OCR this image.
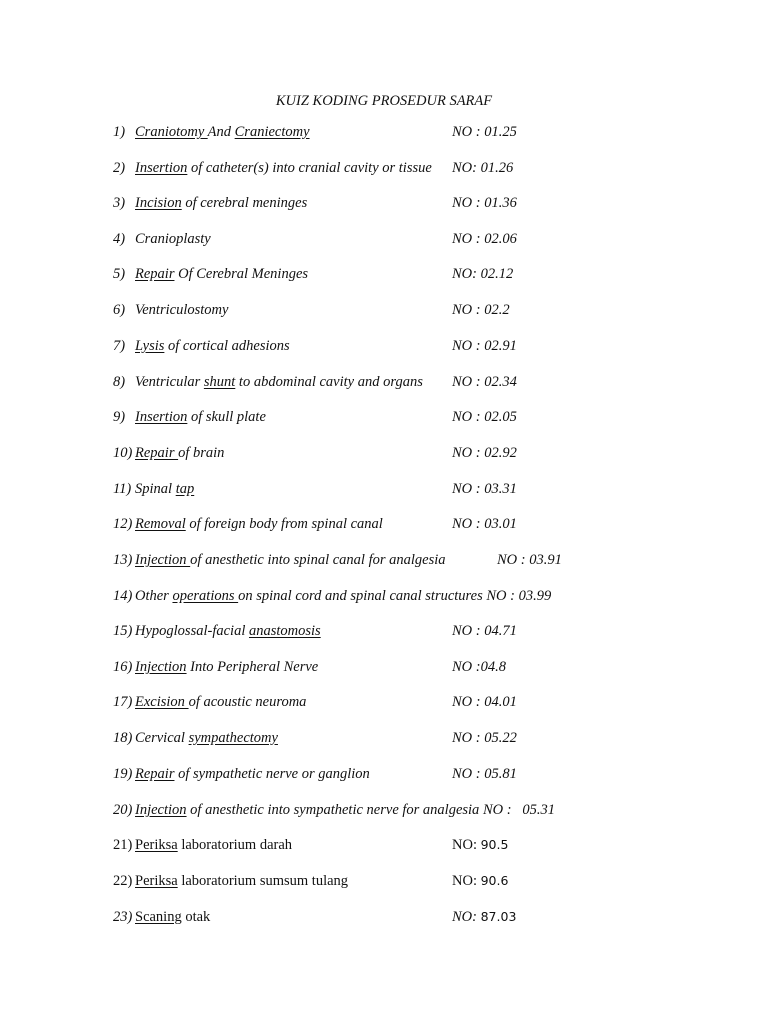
KUIZ KODING PROSEDUR SARAF
1) Craniotomy And Craniectomy	NO : 01.25
2) Insertion of catheter(s) into cranial cavity or tissue NO: 01.26
3) Incision of cerebral meninges	NO : 01.36
4) Cranioplasty	NO : 02.06
5) Repair Of Cerebral Meninges	NO: 02.12
6) Ventriculostomy	NO : 02.2
7) Lysis of cortical adhesions	NO : 02.91
8) Ventricular shunt to abdominal cavity and organs NO : 02.34
9) Insertion of skull plate	NO : 02.05
10) Repair of brain	NO : 02.92
11) Spinal tap	NO : 03.31
12) Removal of foreign body from spinal canal	NO : 03.01
13) Injection of anesthetic into spinal canal for analgesia	NO : 03.91
14) Other operations on spinal cord and spinal canal structures NO : 03.99
15) Hypoglossal-facial anastomosis	NO : 04.71
16) Injection Into Peripheral Nerve	NO :04.8
17) Excision of acoustic neuroma	NO : 04.01
18) Cervical sympathectomy	NO : 05.22
19) Repair of sympathetic nerve or ganglion	NO : 05.81
20) Injection of anesthetic into sympathetic nerve for analgesia NO :   05.31
21) Periksa laboratorium darah	NO: 90.5
22) Periksa laboratorium sumsum tulang	NO: 90.6
23) Scaning otak	NO: 87.03
